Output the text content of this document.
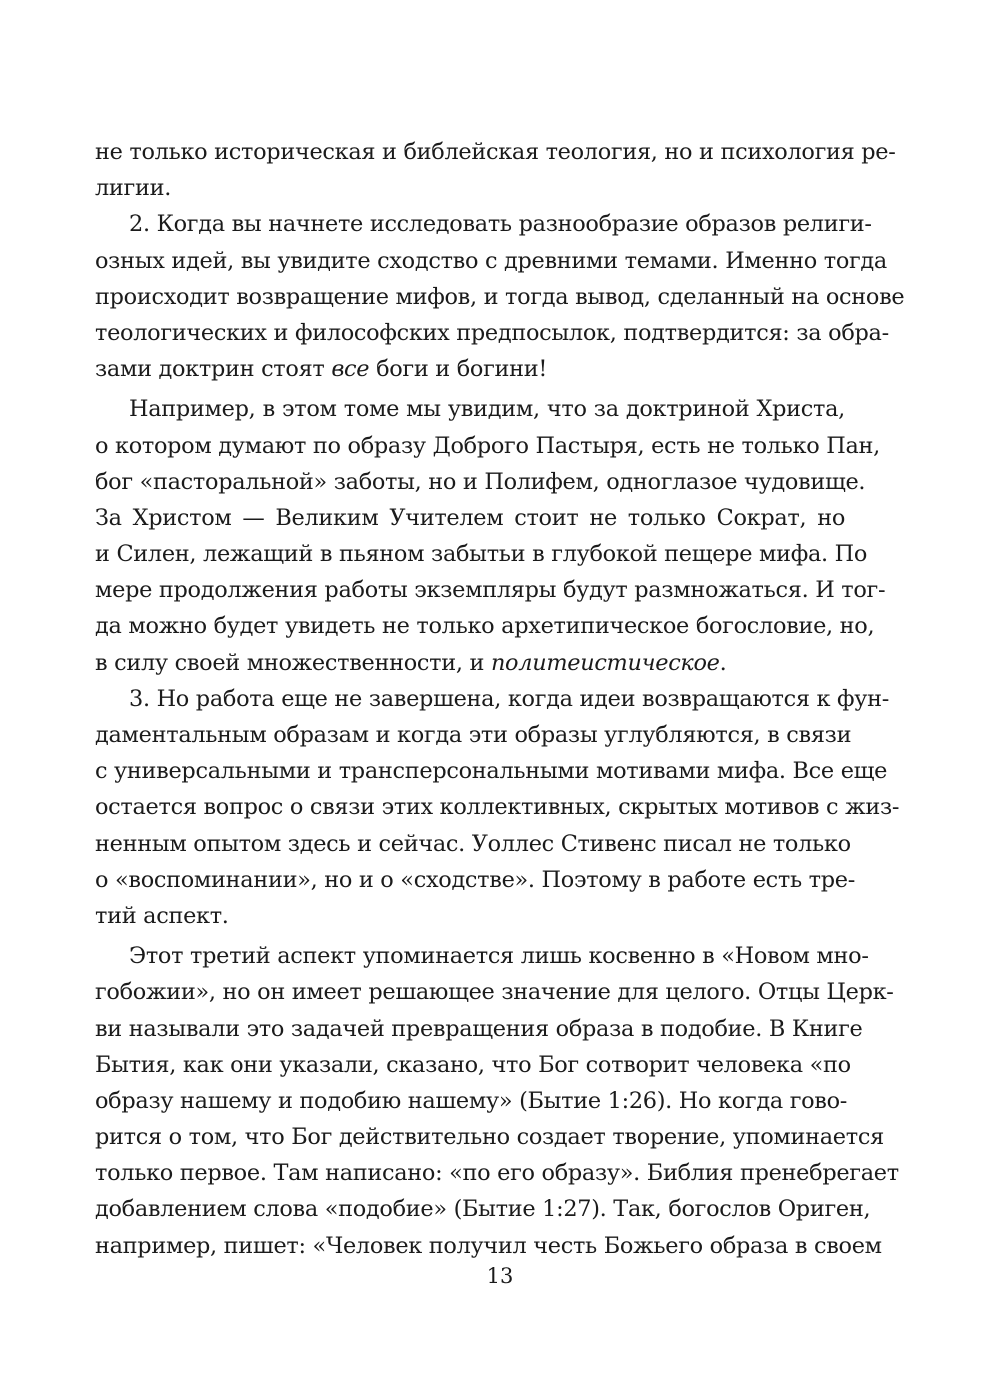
не только историческая и библейская теология, но и психология ре-
лигии.
2. Когда вы начнете исследовать разнообразие образов религи-
озных идей, вы увидите сходство с древними темами. Именно тогда
происходит возвращение мифов, и тогда вывод, сделанный на основе
теологических и философских предпосылок, подтвердится: за обра-
зами доктрин стоят все боги и богини!
Например, в этом томе мы увидим, что за доктриной Христа,
о котором думают по образу Доброго Пастыря, есть не только Пан,
бог «пасторальной» заботы, но и Полифем, одноглазое чудовище.
За Христом — Великим Учителем стоит не только Сократ, но
и Силен, лежащий в пьяном забытьи в глубокой пещере мифа. По
мере продолжения работы экземпляры будут размножаться. И тог-
да можно будет увидеть не только архетипическое богословие, но,
в силу своей множественности, и политеистическое.
3. Но работа еще не завершена, когда идеи возвращаются к фун-
даментальным образам и когда эти образы углубляются, в связи
с универсальными и трансперсональными мотивами мифа. Все еще
остается вопрос о связи этих коллективных, скрытых мотивов с жиз-
ненным опытом здесь и сейчас. Уоллес Стивенс писал не только
о «воспоминании», но и о «сходстве». Поэтому в работе есть тре-
тий аспект.
Этот третий аспект упоминается лишь косвенно в «Новом мно-
гобожии», но он имеет решающее значение для целого. Отцы Церк-
ви называли это задачей превращения образа в подобие. В Книге
Бытия, как они указали, сказано, что Бог сотворит человека «по
образу нашему и подобию нашему» (Бытие 1:26). Но когда гово-
рится о том, что Бог действительно создает творение, упоминается
только первое. Там написано: «по его образу». Библия пренебрегает
добавлением слова «подобие» (Бытие 1:27). Так, богослов Ориген,
например, пишет: «Человек получил честь Божьего образа в своем
13
